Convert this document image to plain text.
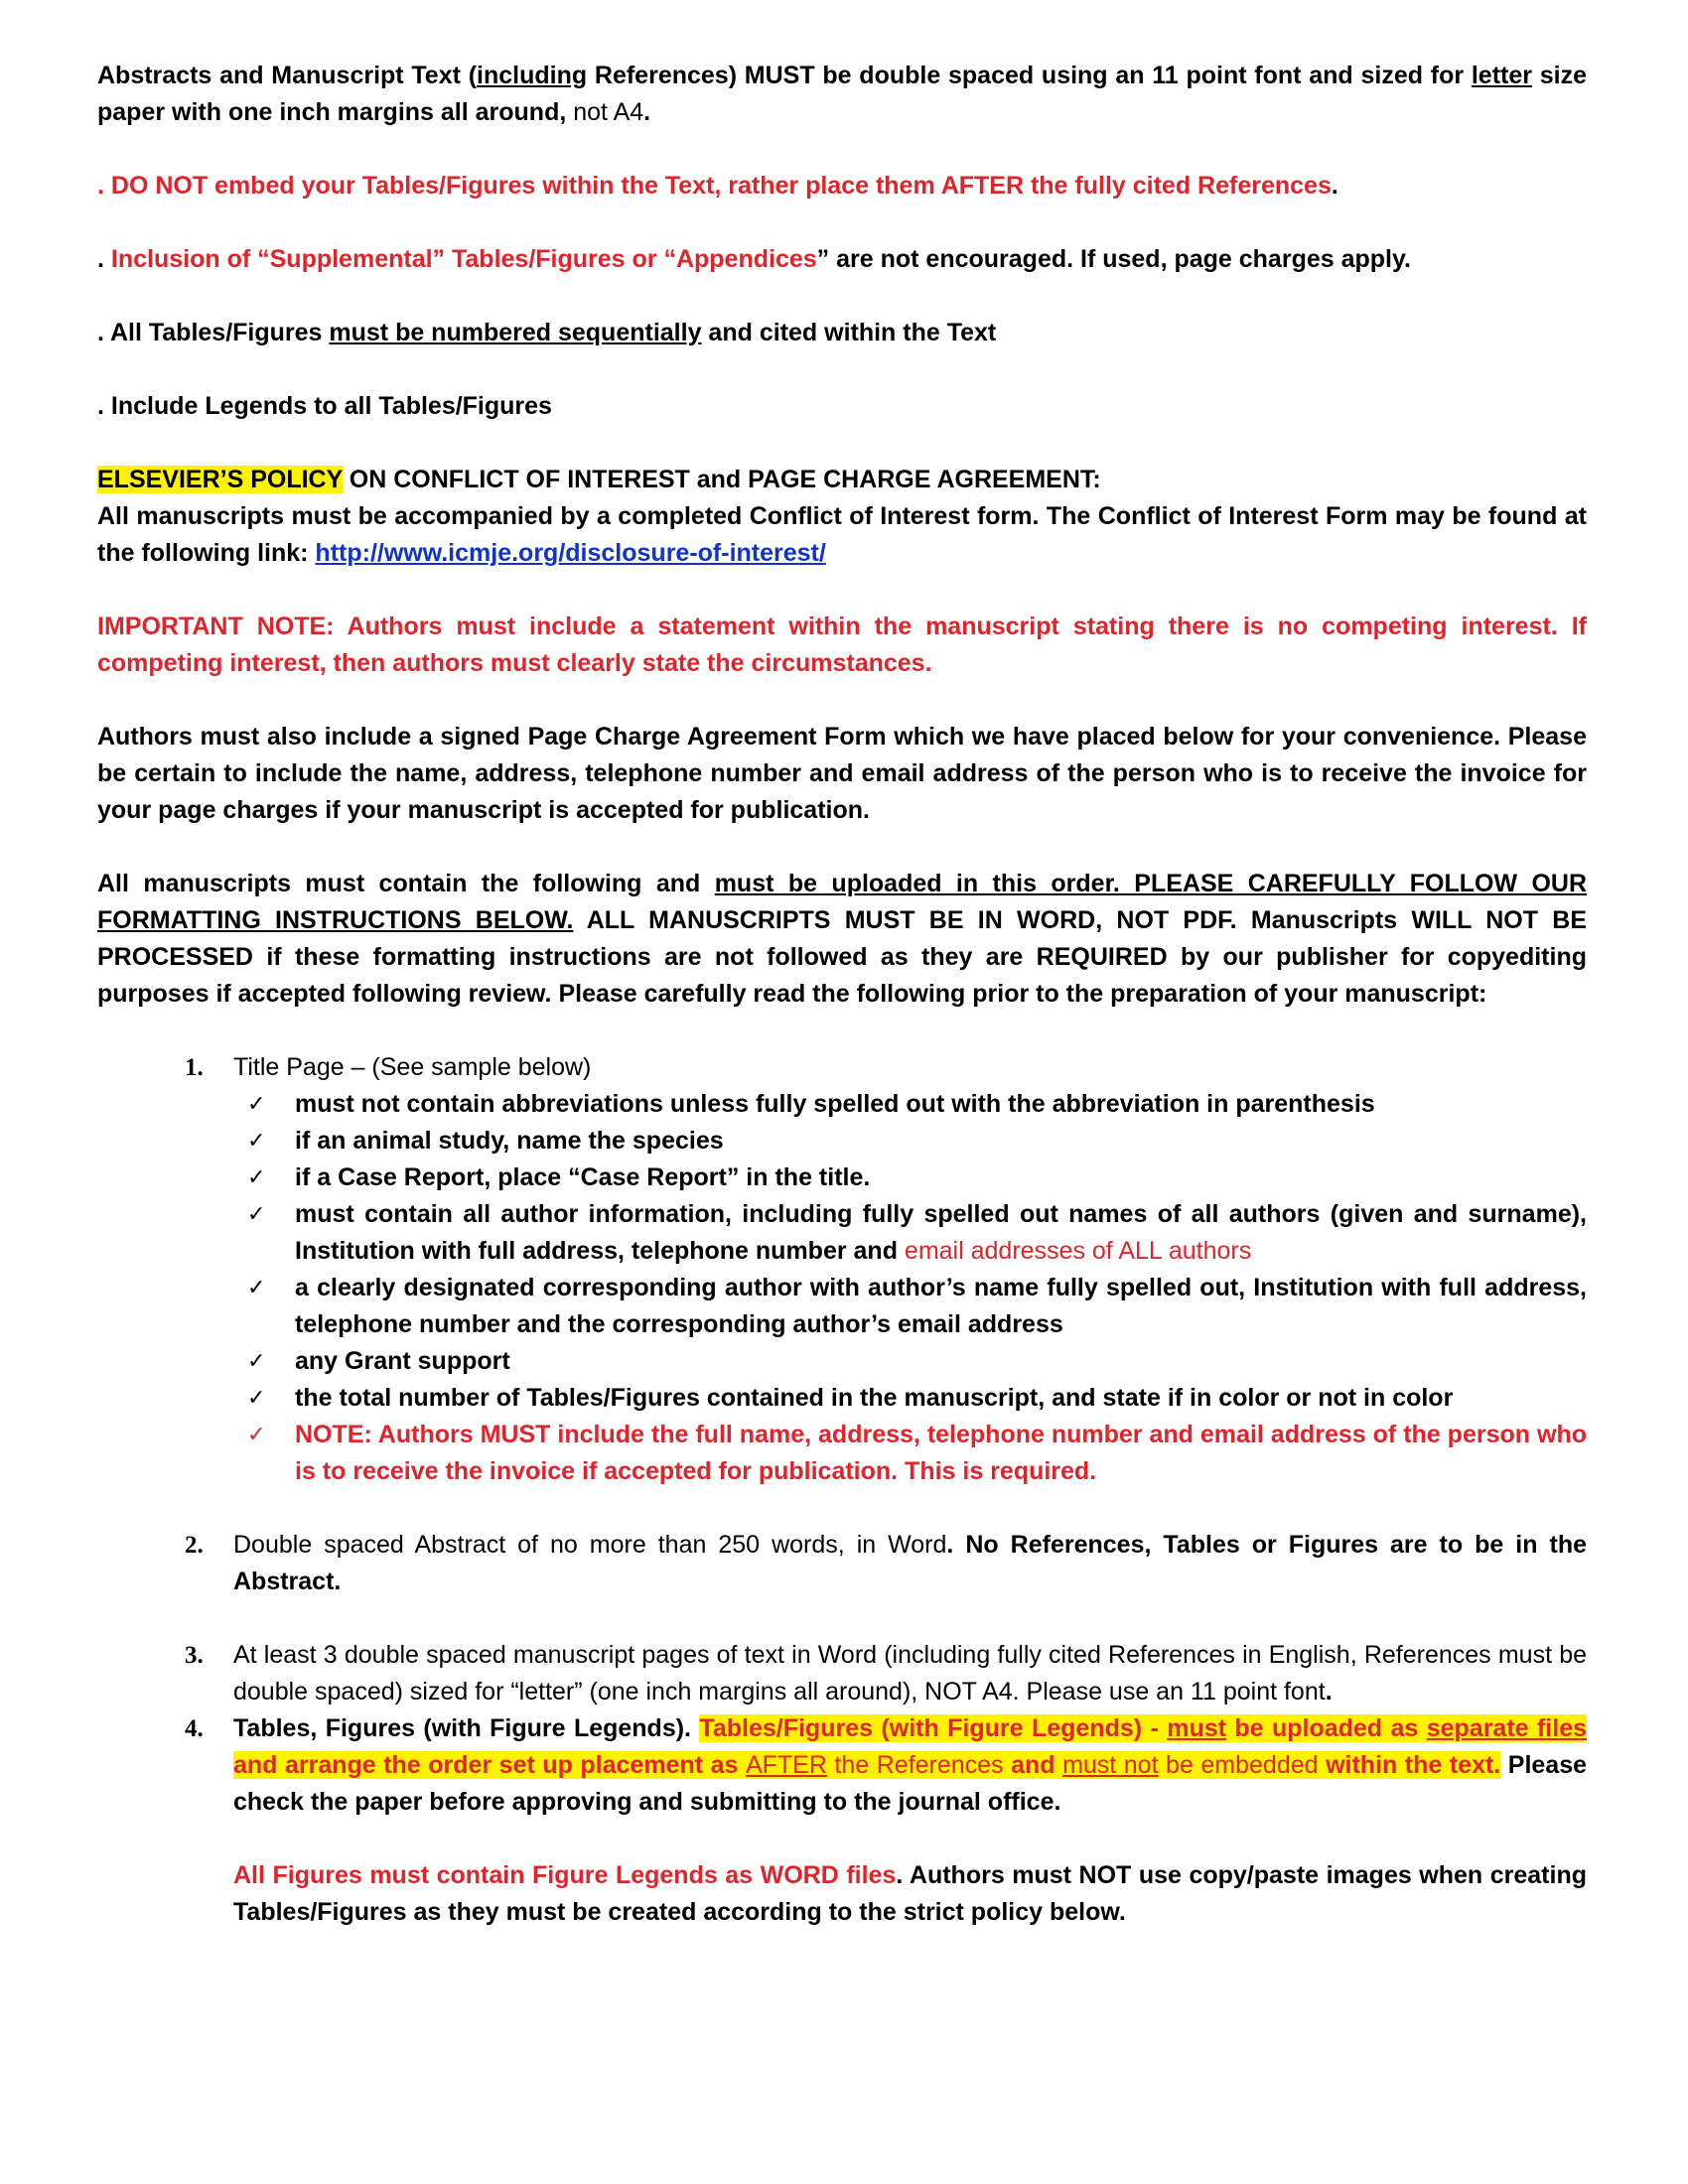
Abstracts and Manuscript Text (including References) MUST be double spaced using an 11 point font and sized for letter size paper with one inch margins all around, not A4.

. DO NOT embed your Tables/Figures within the Text, rather place them AFTER the fully cited References.

. Inclusion of “Supplemental” Tables/Figures or “Appendices” are not encouraged. If used, page charges apply.

. All Tables/Figures must be numbered sequentially and cited within the Text

. Include Legends to all Tables/Figures

ELSEVIER’S POLICY ON CONFLICT OF INTEREST and PAGE CHARGE AGREEMENT:

All manuscripts must be accompanied by a completed Conflict of Interest form. The Conflict of Interest Form may be found at the following link: http://www.icmje.org/disclosure-of-interest/

IMPORTANT NOTE: Authors must include a statement within the manuscript stating there is no competing interest. If competing interest, then authors must clearly state the circumstances.

Authors must also include a signed Page Charge Agreement Form which we have placed below for your convenience. Please be certain to include the name, address, telephone number and email address of the person who is to receive the invoice for your page charges if your manuscript is accepted for publication.

All manuscripts must contain the following and must be uploaded in this order. PLEASE CAREFULLY FOLLOW OUR FORMATTING INSTRUCTIONS BELOW. ALL MANUSCRIPTS MUST BE IN WORD, NOT PDF. Manuscripts WILL NOT BE PROCESSED if these formatting instructions are not followed as they are REQUIRED by our publisher for copyediting purposes if accepted following review. Please carefully read the following prior to the preparation of your manuscript:

1. Title Page – (See sample below)
✓ must not contain abbreviations unless fully spelled out with the abbreviation in parenthesis
✓ if an animal study, name the species
✓ if a Case Report, place “Case Report” in the title.
✓ must contain all author information, including fully spelled out names of all authors (given and surname), Institution with full address, telephone number and email addresses of ALL authors
✓ a clearly designated corresponding author with author’s name fully spelled out, Institution with full address, telephone number and the corresponding author’s email address
✓ any Grant support
✓ the total number of Tables/Figures contained in the manuscript, and state if in color or not in color
✓ NOTE: Authors MUST include the full name, address, telephone number and email address of the person who is to receive the invoice if accepted for publication. This is required.
2. Double spaced Abstract of no more than 250 words, in Word. No References, Tables or Figures are to be in the Abstract.
3. At least 3 double spaced manuscript pages of text in Word (including fully cited References in English, References must be double spaced) sized for “letter” (one inch margins all around), NOT A4. Please use an 11 point font.
4. Tables, Figures (with Figure Legends). Tables/Figures (with Figure Legends) - must be uploaded as separate files and arrange the order set up placement as AFTER the References and must not be embedded within the text. Please check the paper before approving and submitting to the journal office.
All Figures must contain Figure Legends as WORD files. Authors must NOT use copy/paste images when creating Tables/Figures as they must be created according to the strict policy below.
